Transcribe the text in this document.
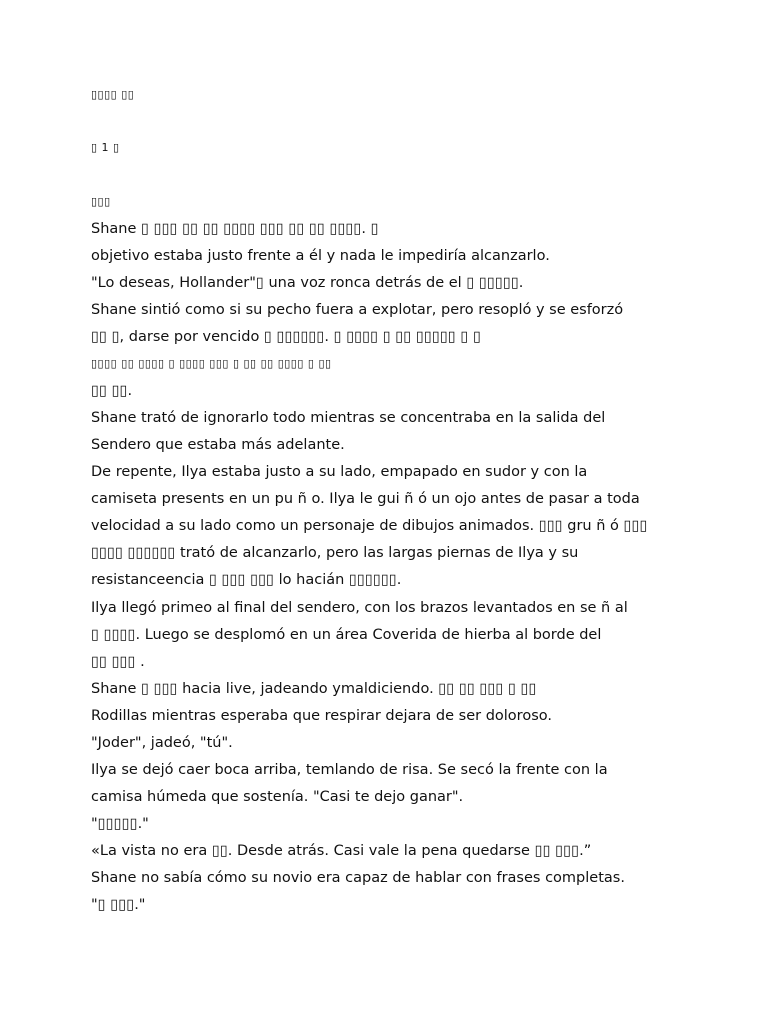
▯▯▯▯ ▯▯
▯ 1 ▯
▯▯▯
Shane ▯ ▯▯▯ ▯▯ ▯▯ ▯▯▯▯ ▯▯▯ ▯▯ ▯▯ ▯▯▯▯. ▯
objetivo estaba justo frente a él y nada le impediría alcanzarlo.
"Lo deseas, Hollander"▯ una voz ronca detrás de el ▯ ▯▯▯▯▯.
Shane sintió como si su pecho fuera a explotar, pero resopló y se esforzó
▯▯ ▯, darse por vencido ▯ ▯▯▯▯▯▯. ▯ ▯▯▯▯ ▯ ▯▯ ▯▯▯▯▯ ▯ ▯
▯▯▯▯ ▯▯ ▯▯▯▯ ▯ ▯▯▯▯ ▯▯▯ ▯ ▯▯ ▯▯ ▯▯▯▯ ▯ ▯▯
▯▯ ▯▯.
Shane trató de ignorarlo todo mientras se concentraba en la salida del
Sendero que estaba más adelante.
De repente, Ilya estaba justo a su lado, empapado en sudor y con la
camiseta presents en un pu ñ o. Ilya le gui ñ ó un ojo antes de pasar a toda
velocidad a su lado como un personaje de dibujos animados. ▯▯▯ gru ñ ó ▯▯▯
▯▯▯▯ ▯▯▯▯▯▯ trató de alcanzarlo, pero las largas piernas de Ilya y su
resistanceencia ▯ ▯▯▯ ▯▯▯ lo hacián ▯▯▯▯▯▯.
Ilya llegó primeo al final del sendero, con los brazos levantados en se ñ al
▯ ▯▯▯▯. Luego se desplomó en un área Coverida de hierba al borde del
▯▯ ▯▯▯ .
Shane ▯ ▯▯▯ hacia live, jadeando ymaldiciendo. ▯▯ ▯▯ ▯▯▯ ▯ ▯▯
Rodillas mientras esperaba que respirar dejara de ser doloroso.
"Joder", jadeó, "tú".
Ilya se dejó caer boca arriba, temlando de risa. Se secó la frente con la
camisa húmeda que sostenía. "Casi te dejo ganar".
"▯▯▯▯▯."
«La vista no era ▯▯. Desde atrás. Casi vale la pena quedarse ▯▯ ▯▯▯.”
Shane no sabía cómo su novio era capaz de hablar con frases completas.
"▯ ▯▯▯."
